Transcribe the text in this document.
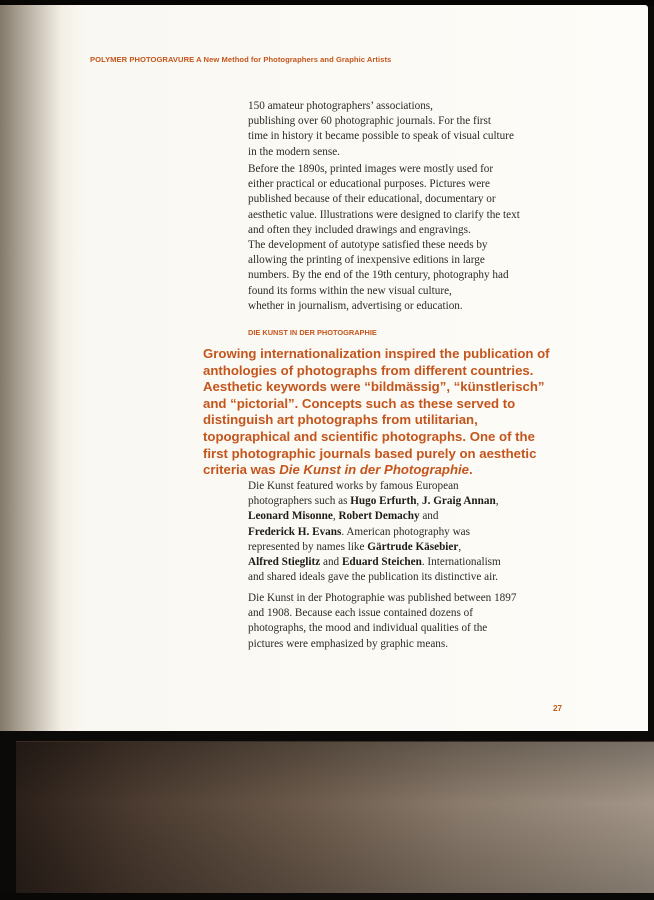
POLYMER PHOTOGRAVURE A New Method for Photographers and Graphic Artists

150 amateur photographers’ associations,

publishing over 60 photographic journals. For the first

time in history it became possible to speak of visual culture

in the modern sense.

Before the 1890s, printed images were mostly used for

either practical or educational purposes. Pictures were

published because of their educational, documentary or

aesthetic value. Illustrations were designed to clarify the text

and often they included drawings and engravings.

The development of autotype satisfied these needs by

allowing the printing of inexpensive editions in large

numbers. By the end of the 19th century, photography had

found its forms within the new visual culture,

whether in journalism, advertising or education.

DIE KUNST IN DER PHOTOGRAPHIE
Growing internationalization inspired the publication of
anthologies of photographs from different countries.
Aesthetic keywords were “bildmässig”, “künstlerisch”
and “pictorial”. Concepts such as these served to
distinguish art photographs from utilitarian,
topographical and scientific photographs. One of the
first photographic journals based purely on aesthetic
criteria was Die Kunst in der Photographie.

Die Kunst featured works by famous European

photographers such as Hugo Erfurth, J. Graig Annan,

Leonard Misonne, Robert Demachy and

Frederick H. Evans. American photography was

represented by names like Gärtrude Käsebier,

Alfred Stieglitz and Eduard Steichen. Internationalism

and shared ideals gave the publication its distinctive air.

Die Kunst in der Photographie was published between 1897

and 1908. Because each issue contained dozens of

photographs, the mood and individual qualities of the

pictures were emphasized by graphic means.

27
